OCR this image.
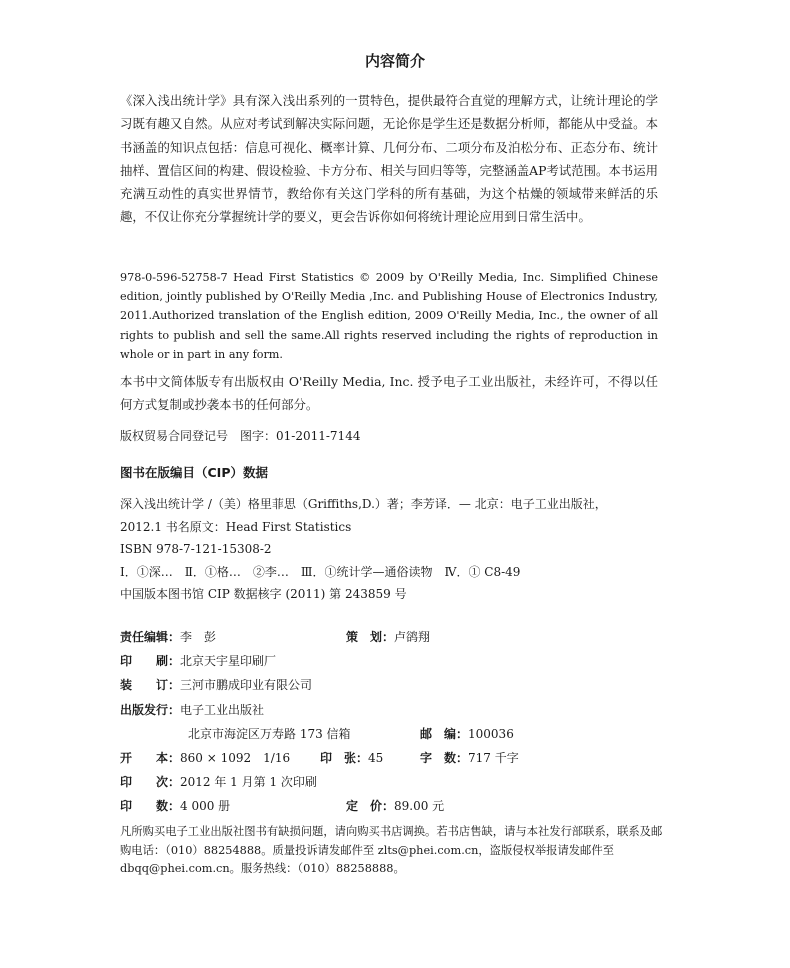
内容简介
《深入浅出统计学》具有深入浅出系列的一贯特色，提供最符合直觉的理解方式，让统计理论的学习既有趣又自然。从应对考试到解决实际问题，无论你是学生还是数据分析师，都能从中受益。本书涵盖的知识点包括：信息可视化、概率计算、几何分布、二项分布及泊松分布、正态分布、统计抽样、置信区间的构建、假设检验、卡方分布、相关与回归等等，完整涵盖AP考试范围。本书运用充满互动性的真实世界情节，教给你有关这门学科的所有基础，为这个枯燥的领域带来鲜活的乐趣，不仅让你充分掌握统计学的要义，更会告诉你如何将统计理论应用到日常生活中。
978-0-596-52758-7 Head First Statistics © 2009 by O'Reilly Media, Inc. Simplified Chinese edition, jointly published by O'Reilly Media ,Inc. and Publishing House of Electronics Industry, 2011.Authorized translation of the English edition, 2009 O'Reilly Media, Inc., the owner of all rights to publish and sell the same.All rights reserved including the rights of reproduction in whole or in part in any form.
本书中文简体版专有出版权由 O'Reilly Media, Inc. 授予电子工业出版社，未经许可，不得以任何方式复制或抄袭本书的任何部分。
版权贸易合同登记号　图字：01-2011-7144
图书在版编目（CIP）数据
深入浅出统计学 /（美）格里菲思（Griffiths,D.）著；李芳译．— 北京：电子工业出版社，
2012.1 书名原文：Head First Statistics
ISBN 978-7-121-15308-2
Ⅰ．①深…　Ⅱ．①格…　②李…　Ⅲ．①统计学—通俗读物　Ⅳ．① C8-49
中国版本图书馆 CIP 数据核字 (2011) 第 243859 号
责任编辑：李　彭	策　划：卢鹆翔
印　　刷：北京天宇星印刷厂
装　　订：三河市鹏成印业有限公司
出版发行：电子工业出版社
北京市海淀区万寿路 173 信箱	邮　编：100036
开　　本：860 × 1092　1/16 印　张：45	字　数：717 千字
印　　次：2012 年 1 月第 1 次印刷
印　　数：4 000 册	定　价：89.00 元
凡所购买电子工业出版社图书有缺损问题，请向购买书店调换。若书店售缺，请与本社发行部联系，联系及邮购电话：（010）88254888。质量投诉请发邮件至 zlts@phei.com.cn，盗版侵权举报请发邮件至 dbqq@phei.com.cn。服务热线：（010）88258888。
